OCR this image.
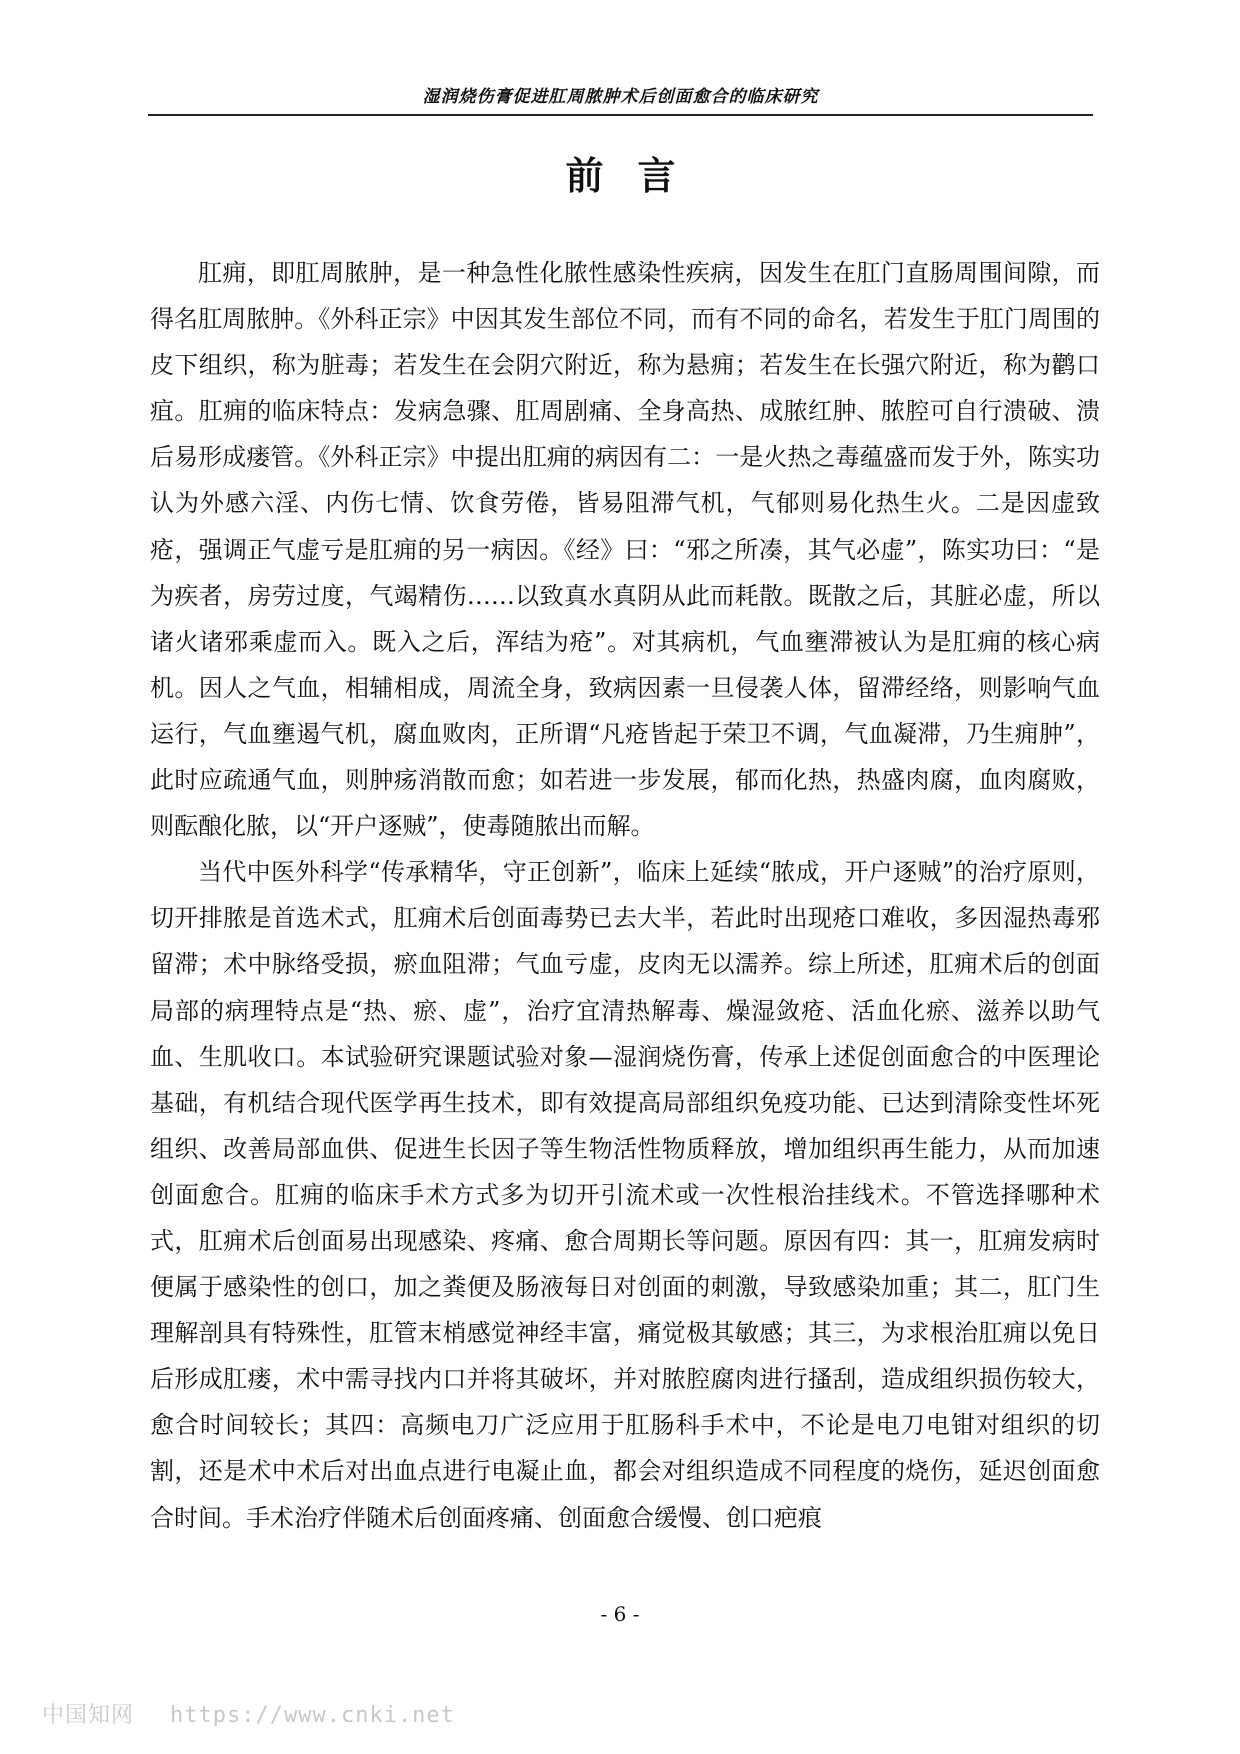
湿润烧伤膏促进肛周脓肿术后创面愈合的临床研究
前言

肛痈，即肛周脓肿，是一种急性化脓性感染性疾病，因发生在肛门直肠周围间隙，而得名肛周脓肿。《外科正宗》中因其发生部位不同，而有不同的命名，若发生于肛门周围的皮下组织，称为脏毒；若发生在会阴穴附近，称为悬痈；若发生在长强穴附近，称为鹳口疽。肛痈的临床特点：发病急骤、肛周剧痛、全身高热、成脓红肿、脓腔可自行溃破、溃后易形成瘘管。《外科正宗》中提出肛痈的病因有二：一是火热之毒蕴盛而发于外，陈实功认为外感六淫、内伤七情、饮食劳倦，皆易阻滞气机，气郁则易化热生火。二是因虚致疮，强调正气虚亏是肛痈的另一病因。《经》曰：“邪之所凑，其气必虚”，陈实功曰：“是为疾者，房劳过度，气竭精伤……以致真水真阴从此而耗散。既散之后，其脏必虚，所以诸火诸邪乘虚而入。既入之后，浑结为疮”。对其病机，气血壅滞被认为是肛痈的核心病机。因人之气血，相辅相成，周流全身，致病因素一旦侵袭人体，留滞经络，则影响气血运行，气血壅遏气机，腐血败肉，正所谓“凡疮皆起于荣卫不调，气血凝滞，乃生痈肿”，此时应疏通气血，则肿疡消散而愈；如若进一步发展，郁而化热，热盛肉腐，血肉腐败，则酝酿化脓，以“开户逐贼”，使毒随脓出而解。

当代中医外科学“传承精华，守正创新”，临床上延续“脓成，开户逐贼”的治疗原则，切开排脓是首选术式，肛痈术后创面毒势已去大半，若此时出现疮口难收，多因湿热毒邪留滞；术中脉络受损，瘀血阻滞；气血亏虚，皮肉无以濡养。综上所述，肛痈术后的创面局部的病理特点是“热、瘀、虚”，治疗宜清热解毒、燥湿敛疮、活血化瘀、滋养以助气血、生肌收口。本试验研究课题试验对象—湿润烧伤膏，传承上述促创面愈合的中医理论基础，有机结合现代医学再生技术，即有效提高局部组织免疫功能、已达到清除变性坏死组织、改善局部血供、促进生长因子等生物活性物质释放，增加组织再生能力，从而加速创面愈合。肛痈的临床手术方式多为切开引流术或一次性根治挂线术。不管选择哪种术式，肛痈术后创面易出现感染、疼痛、愈合周期长等问题。原因有四：其一，肛痈发病时便属于感染性的创口，加之粪便及肠液每日对创面的刺激，导致感染加重；其二，肛门生理解剖具有特殊性，肛管末梢感觉神经丰富，痛觉极其敏感；其三，为求根治肛痈以免日后形成肛瘘，术中需寻找内口并将其破坏，并对脓腔腐肉进行搔刮，造成组织损伤较大，愈合时间较长；其四：高频电刀广泛应用于肛肠科手术中，不论是电刀电钳对组织的切割，还是术中术后对出血点进行电凝止血，都会对组织造成不同程度的烧伤，延迟创面愈合时间。手术治疗伴随术后创面疼痛、创面愈合缓慢、创口疤痕

- 6 -
中国知网 https://www.cnki.net
